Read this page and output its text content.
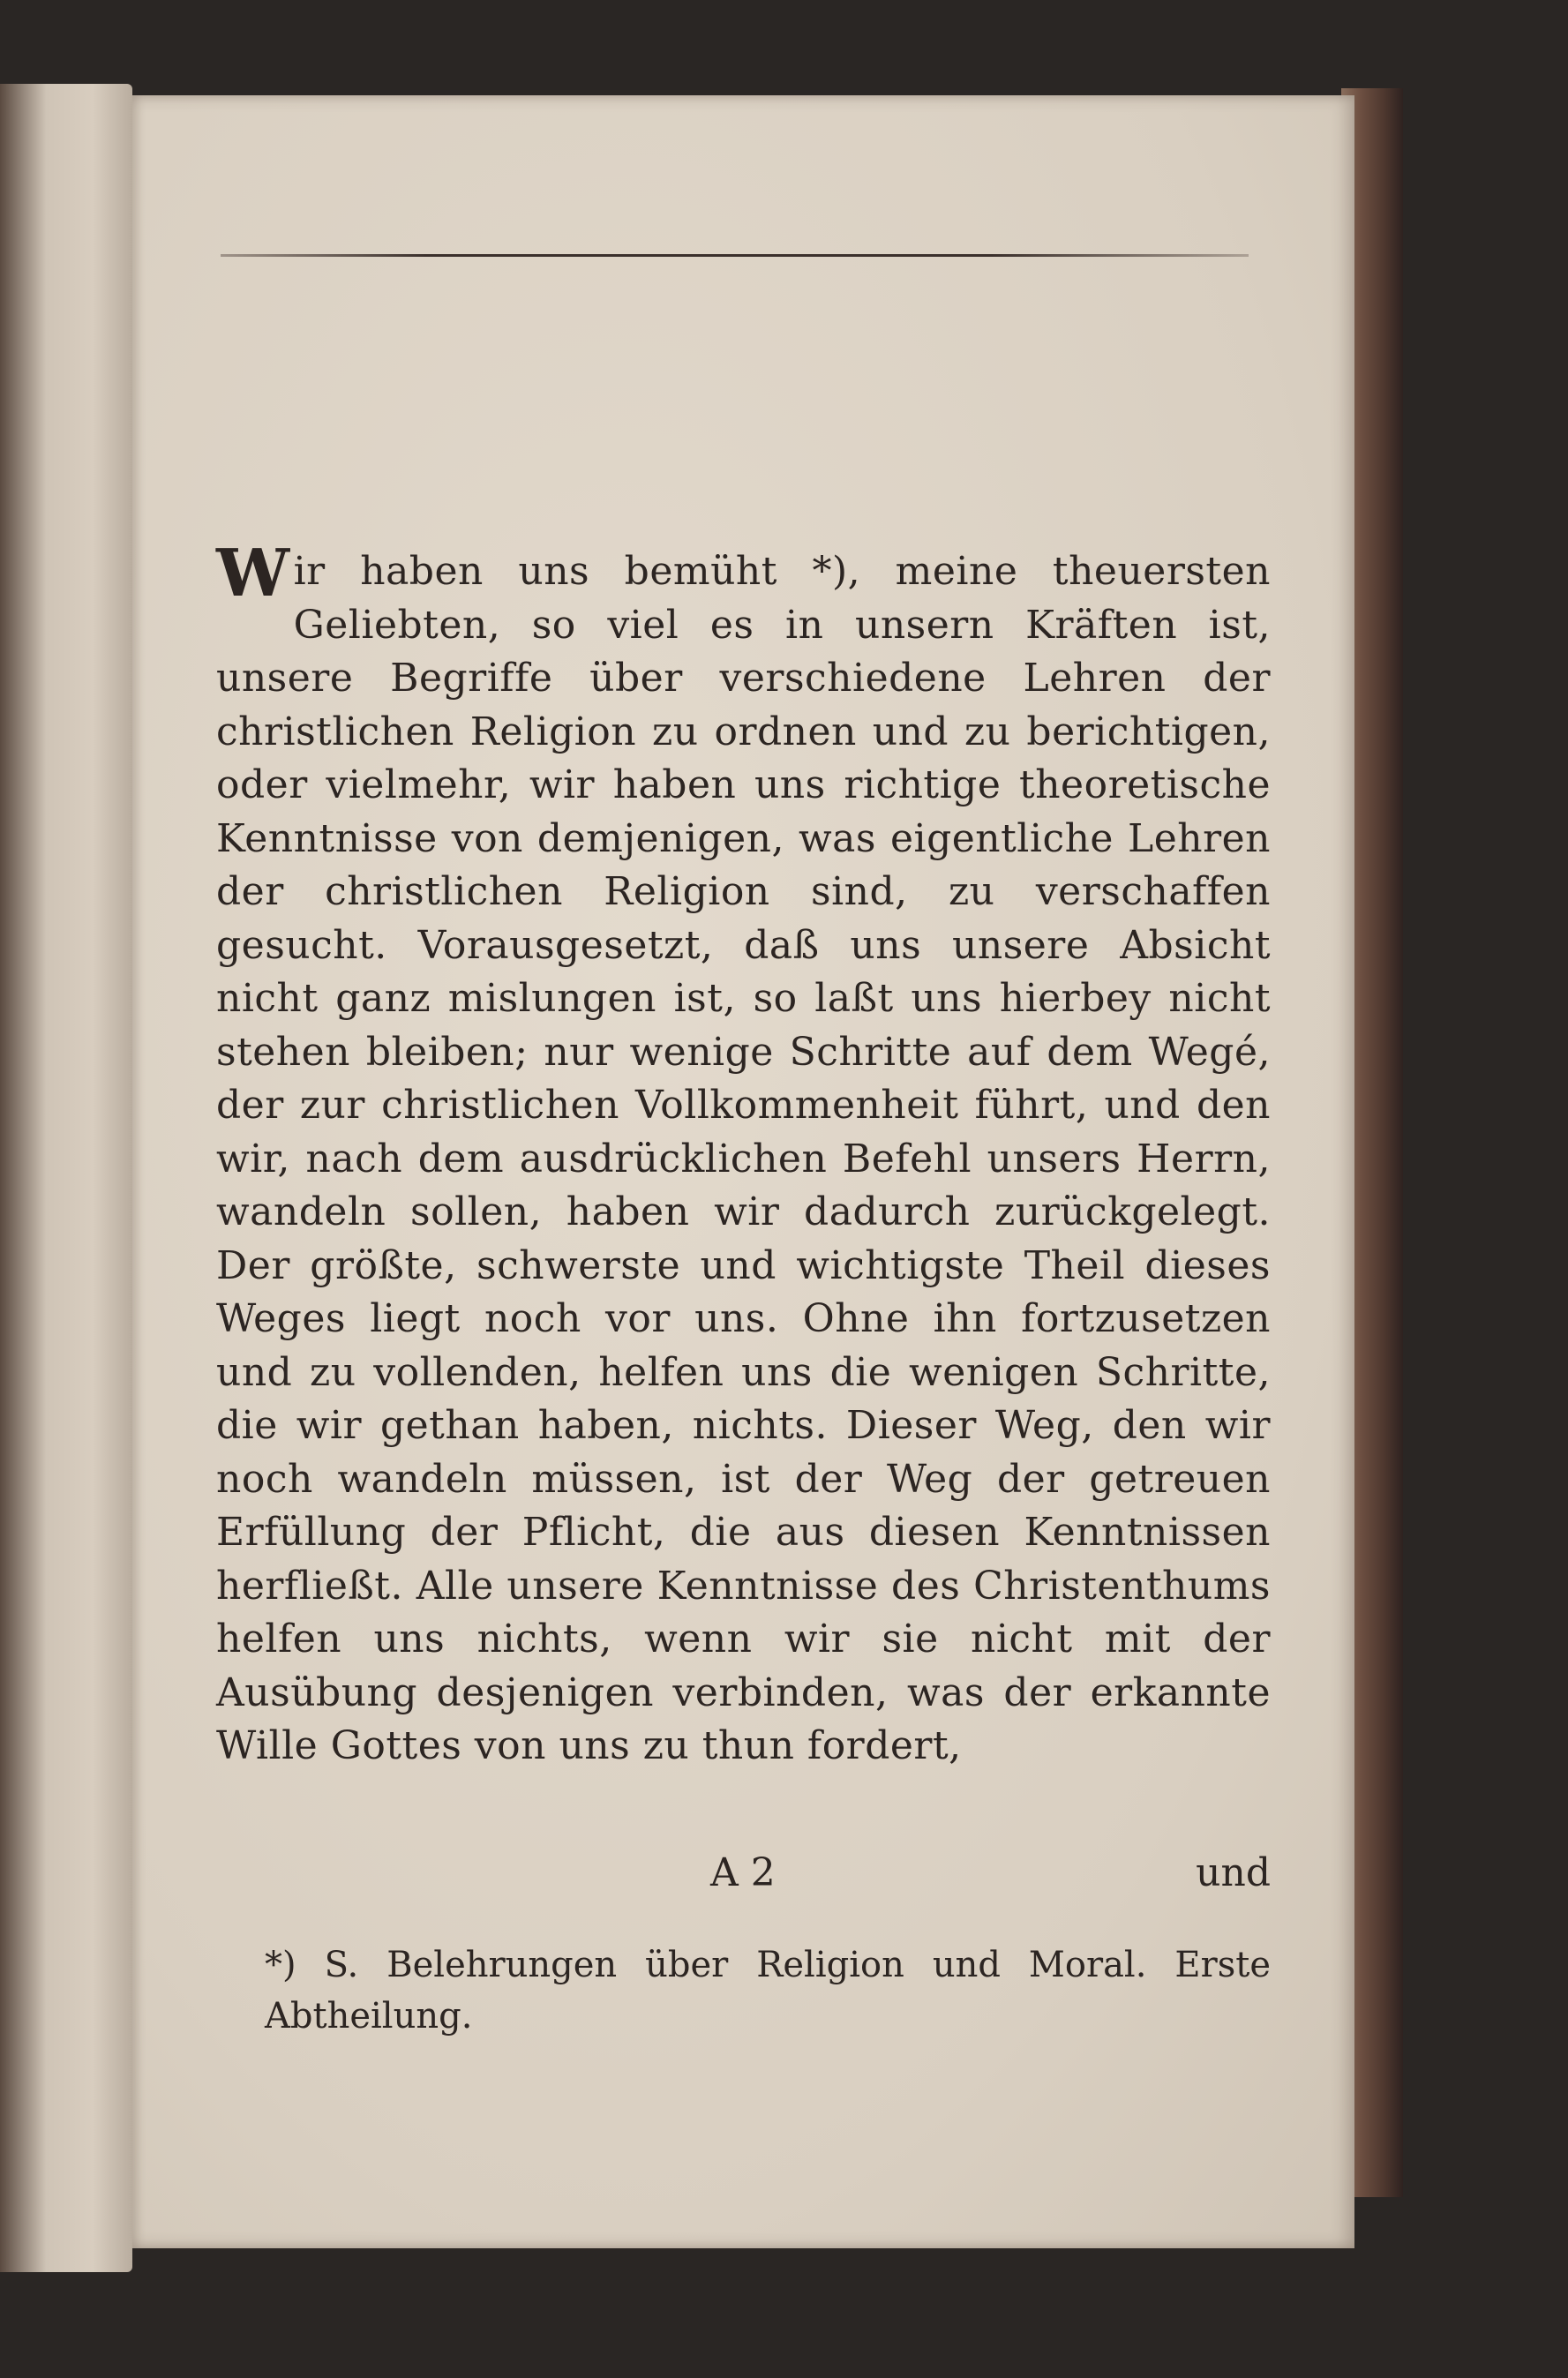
Wir haben uns bemüht *), meine theuersten Geliebten, so viel es in unsern Kräften ist, unsere Begriffe über verschiedene Lehren der christlichen Religion zu ordnen und zu berichtigen, oder vielmehr, wir haben uns richtige theoretische Kenntnisse von demjenigen, was eigentliche Lehren der christlichen Religion sind, zu verschaffen gesucht. Vorausgesetzt, daß uns unsere Absicht nicht ganz mislungen ist, so laßt uns hierbey nicht stehen bleiben; nur wenige Schritte auf dem Wegé, der zur christlichen Vollkommenheit führt, und den wir, nach dem ausdrücklichen Befehl unsers Herrn, wandeln sollen, haben wir dadurch zurückgelegt. Der größte, schwerste und wichtigste Theil dieses Weges liegt noch vor uns. Ohne ihn fortzusetzen und zu vollenden, helfen uns die wenigen Schritte, die wir gethan haben, nichts. Dieser Weg, den wir noch wandeln müssen, ist der Weg der getreuen Erfüllung der Pflicht, die aus diesen Kenntnissen herfließt. Alle unsere Kenntnisse des Christenthums helfen uns nichts, wenn wir sie nicht mit der Ausübung desjenigen verbinden, was der erkannte Wille Gottes von uns zu thun fordert,

A 2	und

*) S. Belehrungen über Religion und Moral. Erste Abtheilung.
